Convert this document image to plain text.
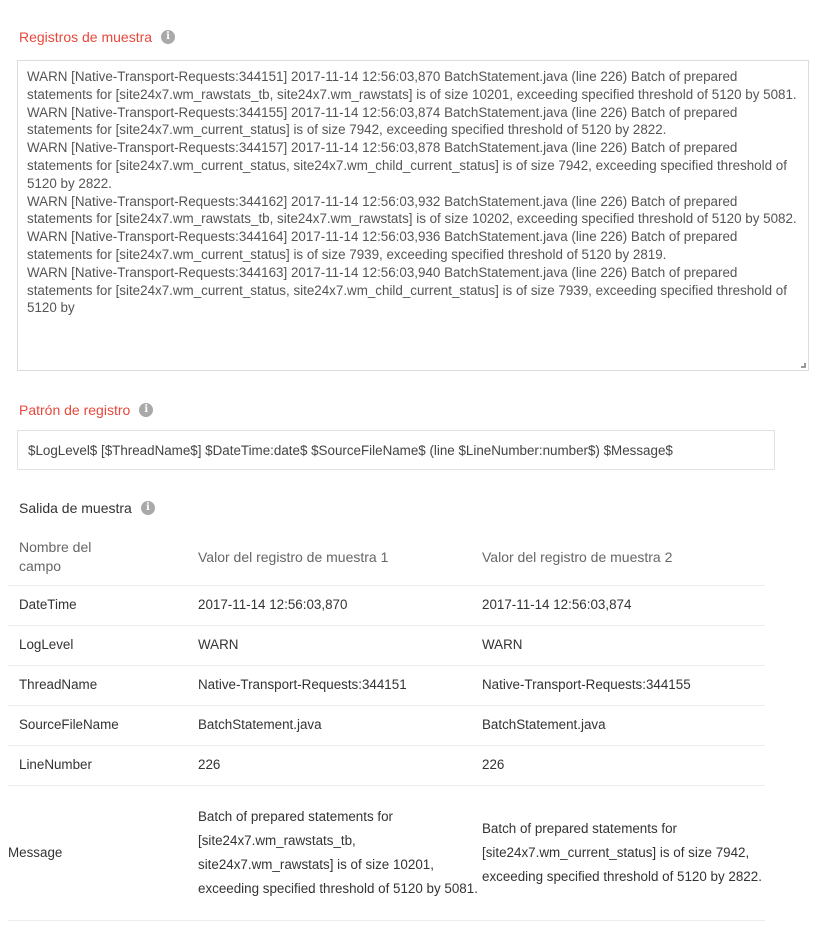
Registros de muestra	i
WARN [Native-Transport-Requests:344151] 2017-11-14 12:56:03,870 BatchStatement.java (line 226) Batch of prepared statements for [site24x7.wm_rawstats_tb, site24x7.wm_rawstats] is of size 10201, exceeding specified threshold of 5120 by 5081.
WARN [Native-Transport-Requests:344155] 2017-11-14 12:56:03,874 BatchStatement.java (line 226) Batch of prepared statements for [site24x7.wm_current_status] is of size 7942, exceeding specified threshold of 5120 by 2822.
WARN [Native-Transport-Requests:344157] 2017-11-14 12:56:03,878 BatchStatement.java (line 226) Batch of prepared statements for [site24x7.wm_current_status, site24x7.wm_child_current_status] is of size 7942, exceeding specified threshold of 5120 by 2822.
WARN [Native-Transport-Requests:344162] 2017-11-14 12:56:03,932 BatchStatement.java (line 226) Batch of prepared statements for [site24x7.wm_rawstats_tb, site24x7.wm_rawstats] is of size 10202, exceeding specified threshold of 5120 by 5082.
WARN [Native-Transport-Requests:344164] 2017-11-14 12:56:03,936 BatchStatement.java (line 226) Batch of prepared statements for [site24x7.wm_current_status] is of size 7939, exceeding specified threshold of 5120 by 2819.
WARN [Native-Transport-Requests:344163] 2017-11-14 12:56:03,940 BatchStatement.java (line 226) Batch of prepared statements for [site24x7.wm_current_status, site24x7.wm_child_current_status] is of size 7939, exceeding specified threshold of 5120 by
Patrón de registro	i
$LogLevel$ [$ThreadName$] $DateTime:date$ $SourceFileName$ (line $LineNumber:number$) $Message$
Salida de muestra	i
Nombre del campo	Valor del registro de muestra 1	Valor del registro de muestra 2
DateTime	2017-11-14 12:56:03,870	2017-11-14 12:56:03,874
LogLevel	WARN	WARN
ThreadName	Native-Transport-Requests:344151	Native-Transport-Requests:344155
SourceFileName	BatchStatement.java	BatchStatement.java
LineNumber	226	226
Message	Batch of prepared statements for [site24x7.wm_rawstats_tb, site24x7.wm_rawstats] is of size 10201, exceeding specified threshold of 5120 by 5081.	Batch of prepared statements for [site24x7.wm_current_status] is of size 7942, exceeding specified threshold of 5120 by 2822.
